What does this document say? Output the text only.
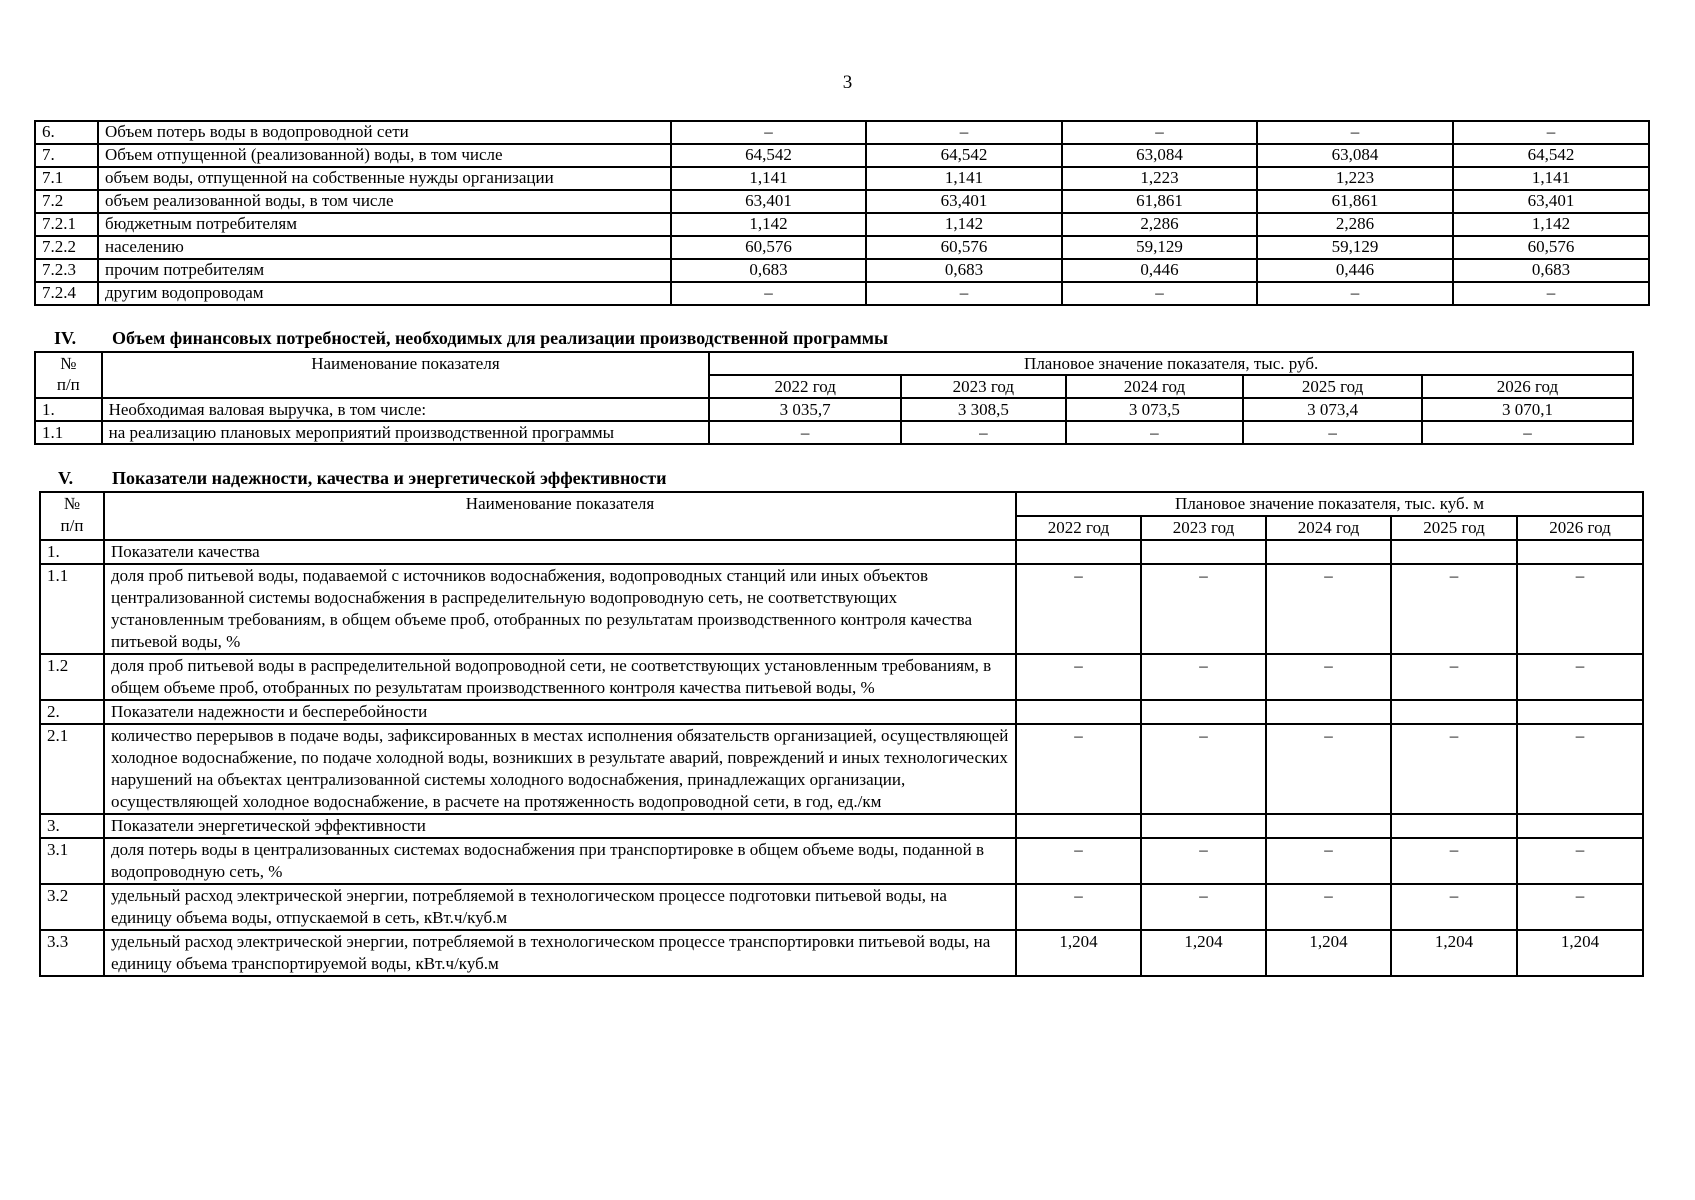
3
6.	Объем потерь воды в водопроводной сети	–	–	–	–	–
7.	Объем отпущенной (реализованной) воды, в том числе	64,542	64,542	63,084	63,084	64,542
7.1	объем воды, отпущенной на собственные нужды организации	1,141	1,141	1,223	1,223	1,141
7.2	объем реализованной воды, в том числе	63,401	63,401	61,861	61,861	63,401
7.2.1	бюджетным потребителям	1,142	1,142	2,286	2,286	1,142
7.2.2	населению	60,576	60,576	59,129	59,129	60,576
7.2.3	прочим потребителям	0,683	0,683	0,446	0,446	0,683
7.2.4	другим водопроводам	–	–	–	–	–
IV. Объем финансовых потребностей, необходимых для реализации производственной программы
№
п/п	Наименование показателя	Плановое значение показателя, тыс. руб.				
		2022 год	2023 год	2024 год	2025 год	2026 год
1.	Необходимая валовая выручка, в том числе:	3 035,7	3 308,5	3 073,5	3 073,4	3 070,1
1.1	на реализацию плановых мероприятий производственной программы	–	–	–	–	–
V. Показатели надежности, качества и энергетической эффективности
№
п/п	Наименование показателя	Плановое значение показателя, тыс. куб. м				
		2022 год	2023 год	2024 год	2025 год	2026 год
1.	Показатели качества					
1.1	доля проб питьевой воды, подаваемой с источников водоснабжения, водопроводных станций или иных объектов централизованной системы водоснабжения в распределительную водопроводную сеть, не соответствующих установленным требованиям, в общем объеме проб, отобранных по результатам производственного контроля качества питьевой воды, %	–	–	–	–	–
1.2	доля проб питьевой воды в распределительной водопроводной сети, не соответствующих установленным требованиям, в общем объеме проб, отобранных по результатам производственного контроля качества питьевой воды, %	–	–	–	–	–
2.	Показатели надежности и бесперебойности					
2.1	количество перерывов в подаче воды, зафиксированных в местах исполнения обязательств организацией, осуществляющей холодное водоснабжение, по подаче холодной воды, возникших в результате аварий, повреждений и иных технологических нарушений на объектах централизованной системы холодного водоснабжения, принадлежащих организации, осуществляющей холодное водоснабжение, в расчете на протяженность водопроводной сети, в год, ед./км	–	–	–	–	–
3.	Показатели энергетической эффективности					
3.1	доля потерь воды в централизованных системах водоснабжения при транспортировке в общем объеме воды, поданной в водопроводную сеть, %	–	–	–	–	–
3.2	удельный расход электрической энергии, потребляемой в технологическом процессе подготовки питьевой воды, на единицу объема воды, отпускаемой в сеть, кВт.ч/куб.м	–	–	–	–	–
3.3	удельный расход электрической энергии, потребляемой в технологическом процессе транспортировки питьевой воды, на единицу объема транспортируемой воды, кВт.ч/куб.м	1,204	1,204	1,204	1,204	1,204
